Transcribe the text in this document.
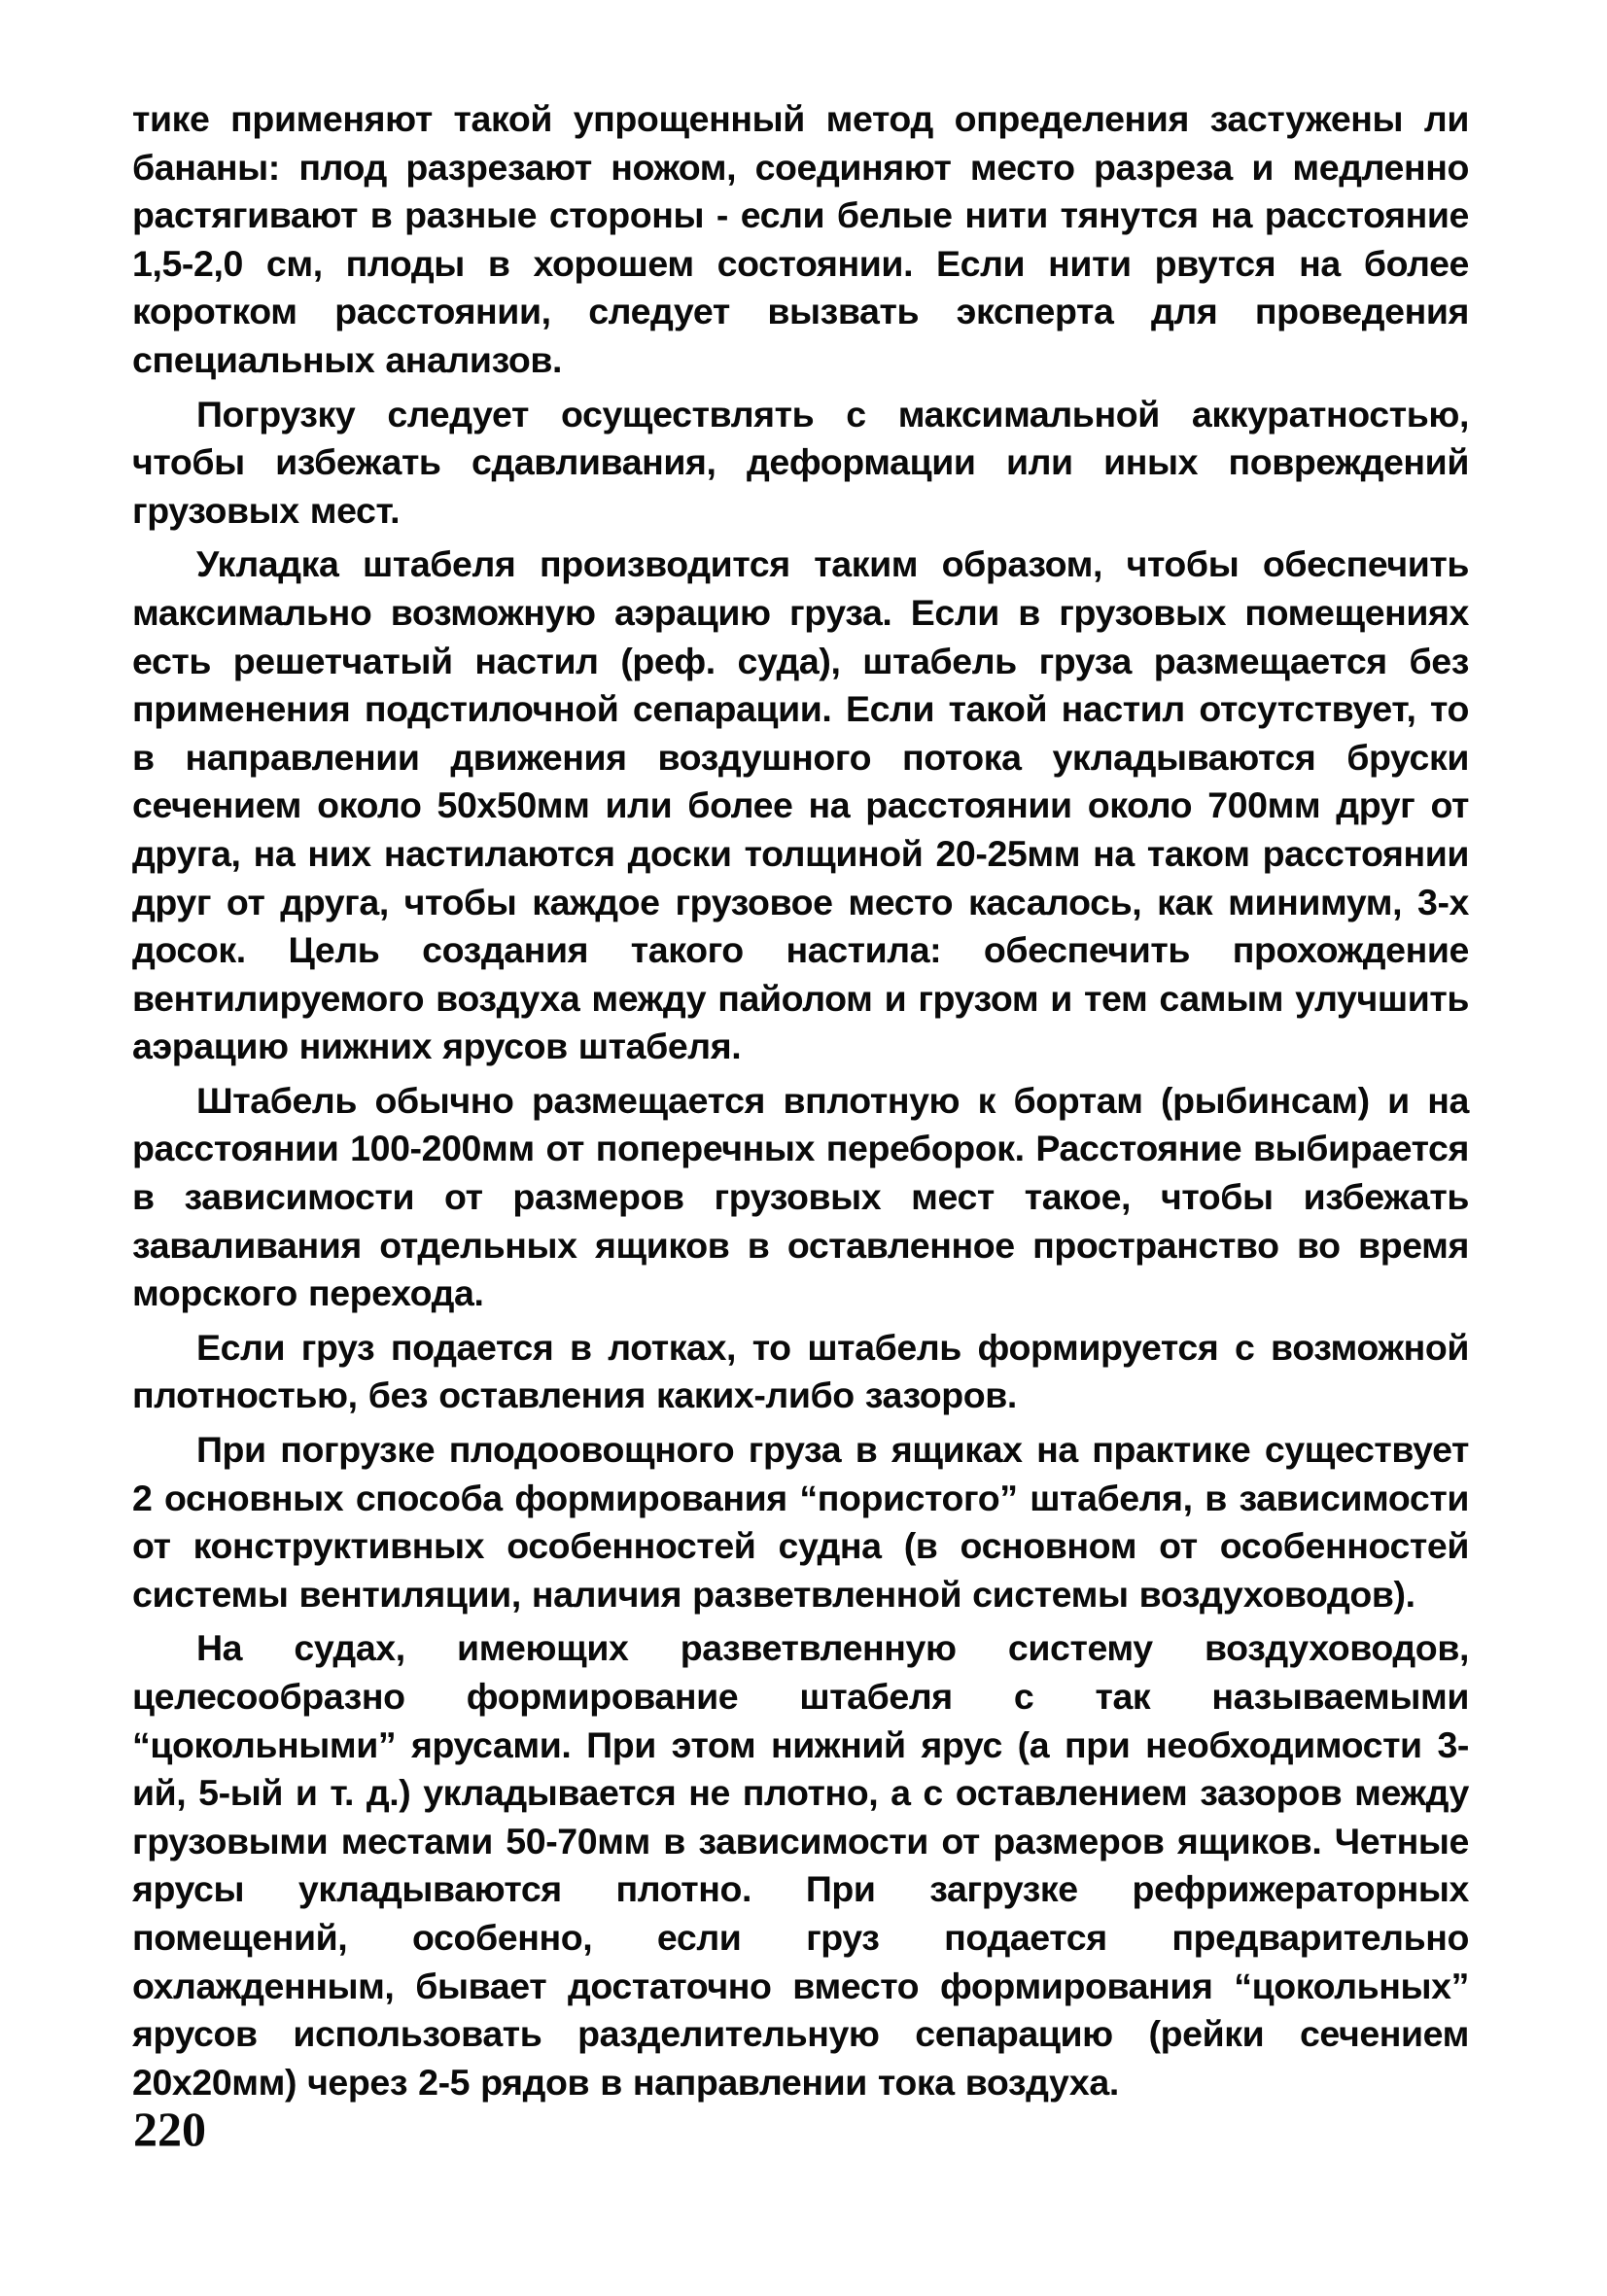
тике применяют такой упрощенный метод определения застужены ли бананы: плод разрезают ножом, соединяют место разреза и медленно растягивают в разные стороны - если белые нити тянутся на расстояние 1,5-2,0 см, плоды в хорошем состоянии. Если нити рвутся на более коротком расстоянии, следует вызвать эксперта для проведения специальных анализов.

Погрузку следует осуществлять с максимальной аккуратностью, чтобы избежать сдавливания, деформации или иных повреждений грузовых мест.

Укладка штабеля производится таким образом, чтобы обеспечить максимально возможную аэрацию груза. Если в грузовых помещениях есть решетчатый настил (реф. суда), штабель груза размещается без применения подстилочной сепарации. Если такой настил отсутствует, то в направлении движения воздушного потока укладываются бруски сечением около 50х50мм или более на расстоянии около 700мм друг от друга, на них настилаются доски толщиной 20-25мм на таком расстоянии друг от друга, чтобы каждое грузовое место касалось, как минимум, 3-х досок. Цель создания такого настила: обеспечить прохождение вентилируемого воздуха между пайолом и грузом и тем самым улучшить аэрацию нижних ярусов штабеля.

Штабель обычно размещается вплотную к бортам (рыбинсам) и на расстоянии 100-200мм от поперечных переборок. Расстояние выбирается в зависимости от размеров грузовых мест такое, чтобы избежать заваливания отдельных ящиков в оставленное пространство во время морского перехода.

Если груз подается в лотках, то штабель формируется с возможной плотностью, без оставления каких-либо зазоров.

При погрузке плодоовощного груза в ящиках на практике существует 2 основных способа формирования “пористого” штабеля, в зависимости от конструктивных особенностей судна (в основном от особенностей системы вентиляции, наличия разветвленной системы воздуховодов).

На судах, имеющих разветвленную систему воздуховодов, целесообразно формирование штабеля с так называемыми “цокольными” ярусами. При этом нижний ярус (а при необходимости 3-ий, 5-ый и т. д.) укладывается не плотно, а с оставлением зазоров между грузовыми местами 50-70мм в зависимости от размеров ящиков. Четные ярусы укладываются плотно. При загрузке рефрижераторных помещений, особенно, если груз подается предварительно охлажденным, бывает достаточно вместо формирования “цокольных” ярусов использовать разделительную сепарацию (рейки сечением 20х20мм) через 2-5 рядов в направлении тока воздуха.

220
